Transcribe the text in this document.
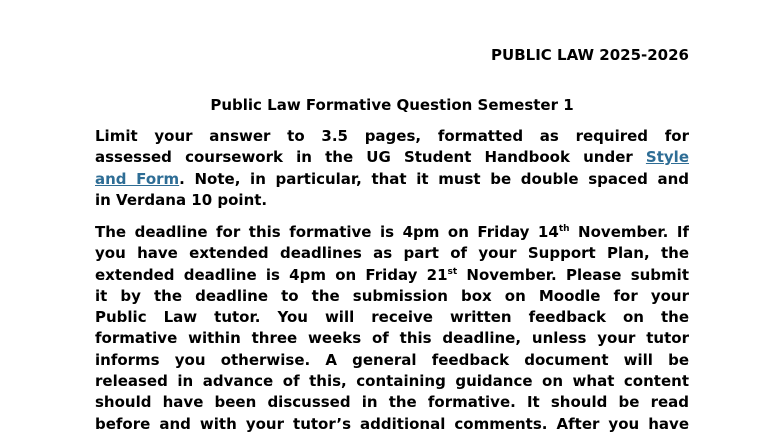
PUBLIC LAW 2025-2026
Public Law Formative Question Semester 1
Limit your answer to 3.5 pages, formatted as required for
assessed coursework in the UG Student Handbook under Style
and Form. Note, in particular, that it must be double spaced and
in Verdana 10 point.
The deadline for this formative is 4pm on Friday 14th November. If
you have extended deadlines as part of your Support Plan, the
extended deadline is 4pm on Friday 21st November. Please submit
it by the deadline to the submission box on Moodle for your
Public Law tutor. You will receive written feedback on the
formative within three weeks of this deadline, unless your tutor
informs you otherwise. A general feedback document will be
released in advance of this, containing guidance on what content
should have been discussed in the formative. It should be read
before and with your tutor’s additional comments. After you have
